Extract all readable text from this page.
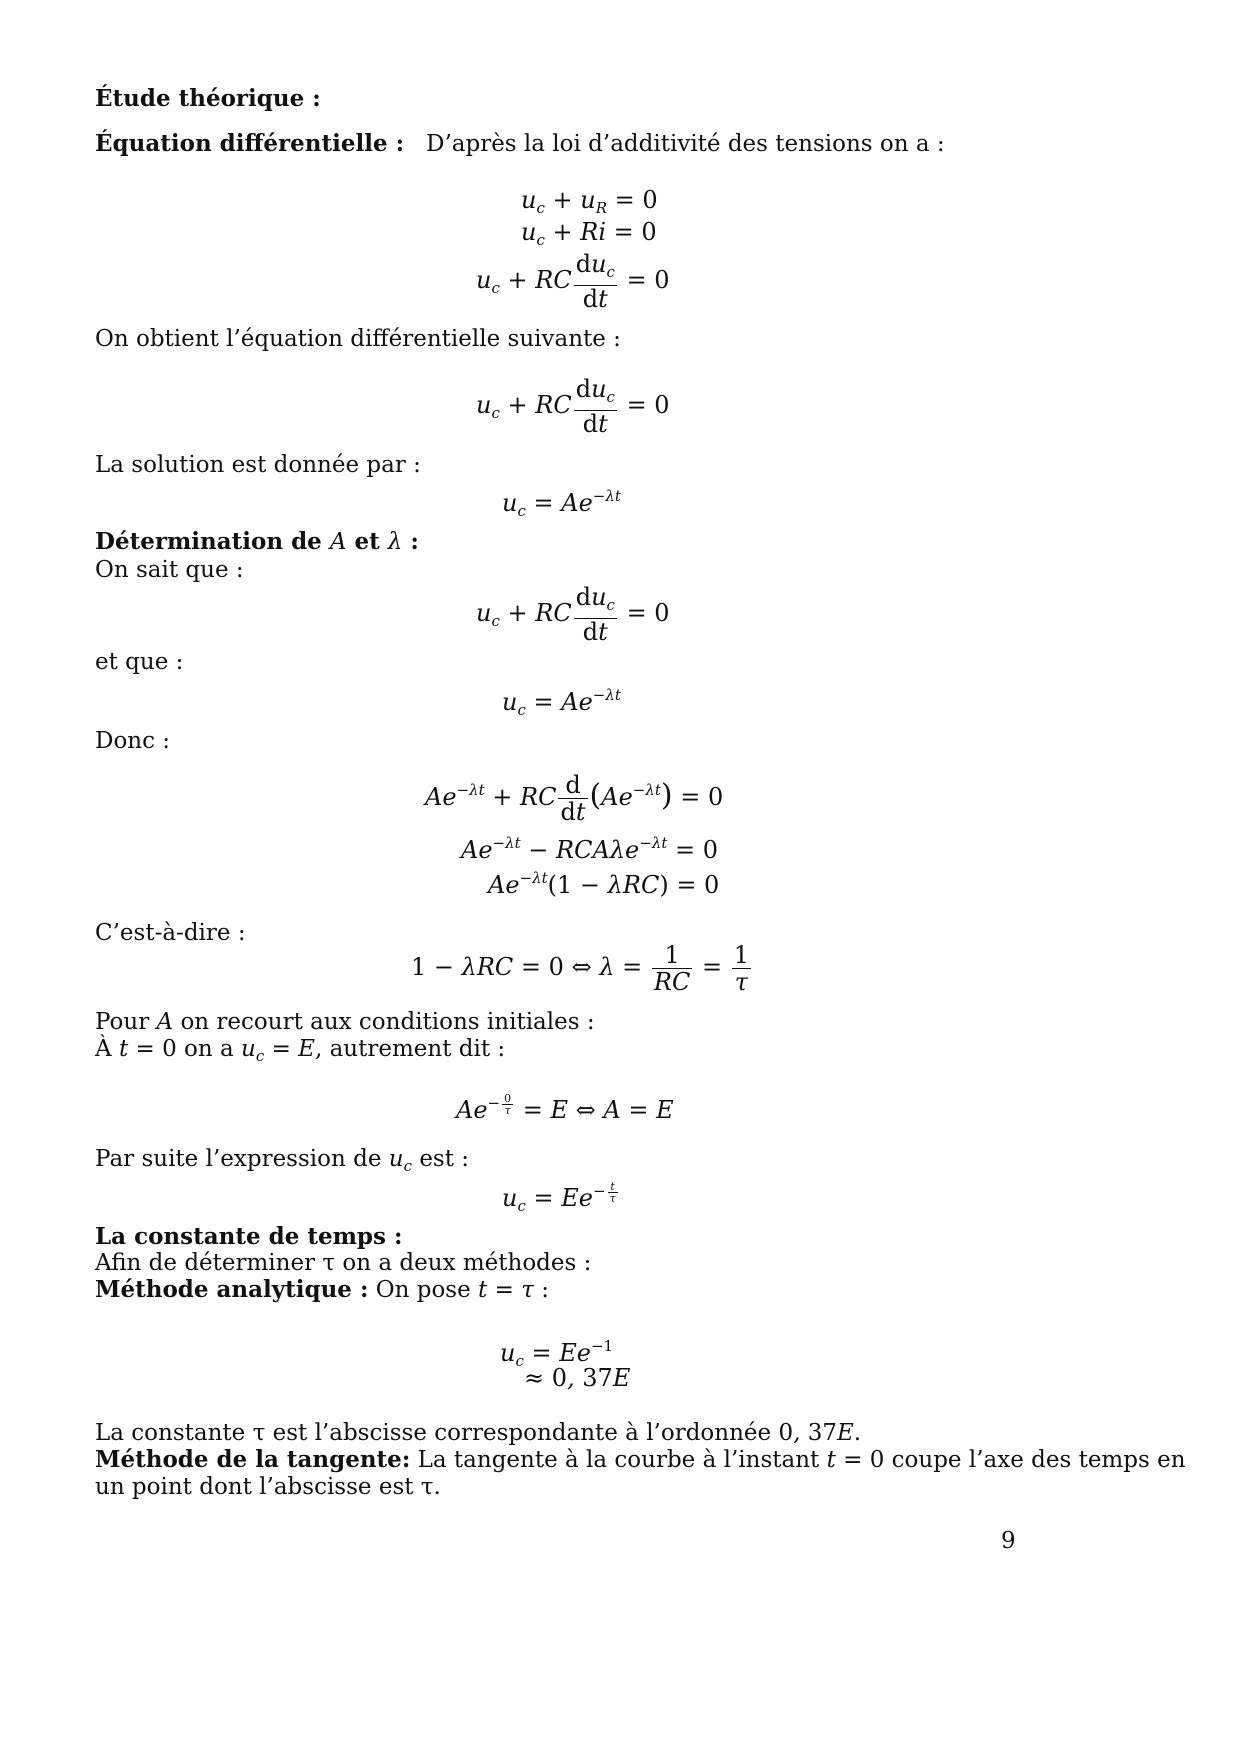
Étude théorique :
Équation différentielle : D’après la loi d’additivité des tensions on a :
$u_c + u_R = 0$
$u_c + Ri = 0$
$u_c$ + RC $\frac{du_c}{dt} = 0$
On obtient l’équation différentielle suivante :
$u_c$ + RC $\frac{du_c}{dt} = 0$
La solution est donnée par :
$u_c = Ae^{-\lambda t}$
Détermination de A et λ :
On sait que :
$u_c$ + RC $\frac{du_c}{dt} = 0$
et que :
$u_c = Ae^{-\lambda t}$
Donc :
$Ae^{-\lambda t}$ + RC $\frac{d}{dt} (Ae^{-\lambda t}) = 0$
$Ae^{-\lambda t} - RCA\lambda e^{-\lambda t} = 0$
$Ae^{-\lambda t}(1 - \lambda RC) = 0$
C’est-à-dire :
1 − λRC = 0 ⇔ $\lambda = \frac{1}{RC} = \frac{1}{\tau}$
Pour A on recourt aux conditions initiales :
À t = 0 on a $u_c = E$, autrement dit :
$Ae^{- \frac{0}{\tau}} = E$ ⇔ A = E
Par suite l’expression de $u_c$ est :
$u_c = Ee^{- \frac{t}{\tau}}$
La constante de temps :
Afin de déterminer τ on a deux méthodes :
Méthode analytique : On pose t = τ :
$u_c = Ee^{-1}$
≈ 0, 37E
La constante τ est l’abscisse correspondante à l’ordonnée 0, 37E.
Méthode de la tangente: La tangente à la courbe à l’instant t = 0 coupe l’axe des temps en
un point dont l’abscisse est τ.
9
